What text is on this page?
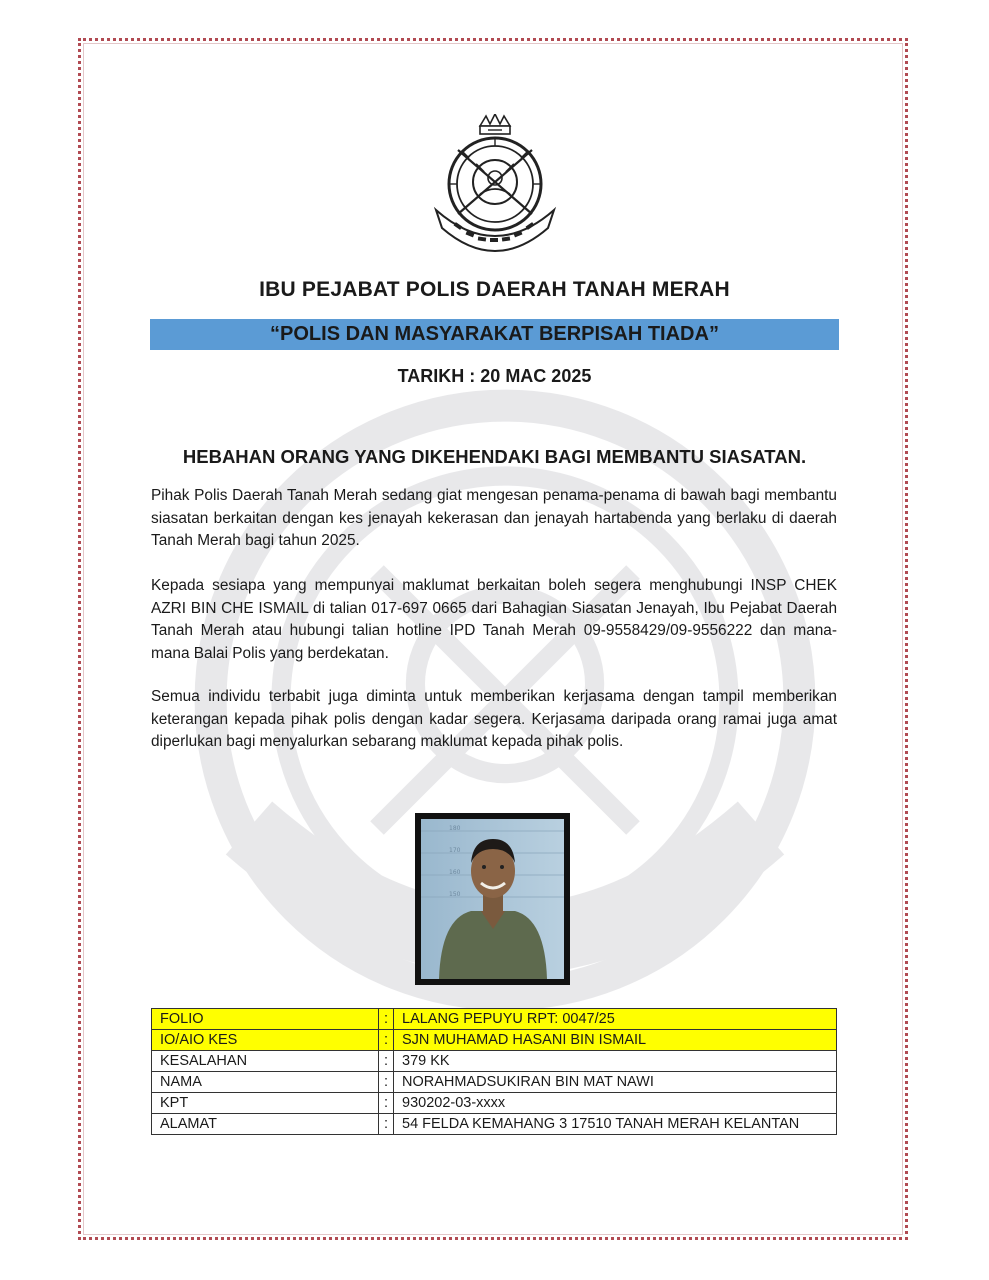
IBU PEJABAT POLIS DAERAH TANAH MERAH
“POLIS DAN MASYARAKAT BERPISAH TIADA”
TARIKH : 20 MAC 2025
HEBAHAN ORANG YANG DIKEHENDAKI BAGI MEMBANTU SIASATAN.

Pihak Polis Daerah Tanah Merah sedang giat mengesan penama-penama di bawah bagi membantu siasatan berkaitan dengan kes jenayah kekerasan dan jenayah hartabenda yang berlaku di daerah Tanah Merah bagi tahun 2025.

Kepada sesiapa yang mempunyai maklumat berkaitan boleh segera menghubungi INSP CHEK AZRI BIN CHE ISMAIL di talian 017-697 0665 dari Bahagian Siasatan Jenayah, Ibu Pejabat Daerah Tanah Merah atau hubungi talian hotline IPD Tanah Merah 09-9558429/09-9556222 dan mana-mana Balai Polis yang berdekatan.

Semua individu terbabit juga diminta untuk memberikan kerjasama dengan tampil memberikan keterangan kepada pihak polis dengan kadar segera. Kerjasama daripada orang ramai juga amat diperlukan bagi menyalurkan sebarang maklumat kepada pihak polis.

180
170
160
150
FOLIO	:	LALANG PEPUYU RPT: 0047/25
IO/AIO KES	:	SJN MUHAMAD HASANI BIN ISMAIL
KESALAHAN	:	379 KK
NAMA	:	NORAHMADSUKIRAN BIN MAT NAWI
KPT	:	930202-03-xxxx
ALAMAT	:	54 FELDA KEMAHANG 3 17510 TANAH MERAH KELANTAN
